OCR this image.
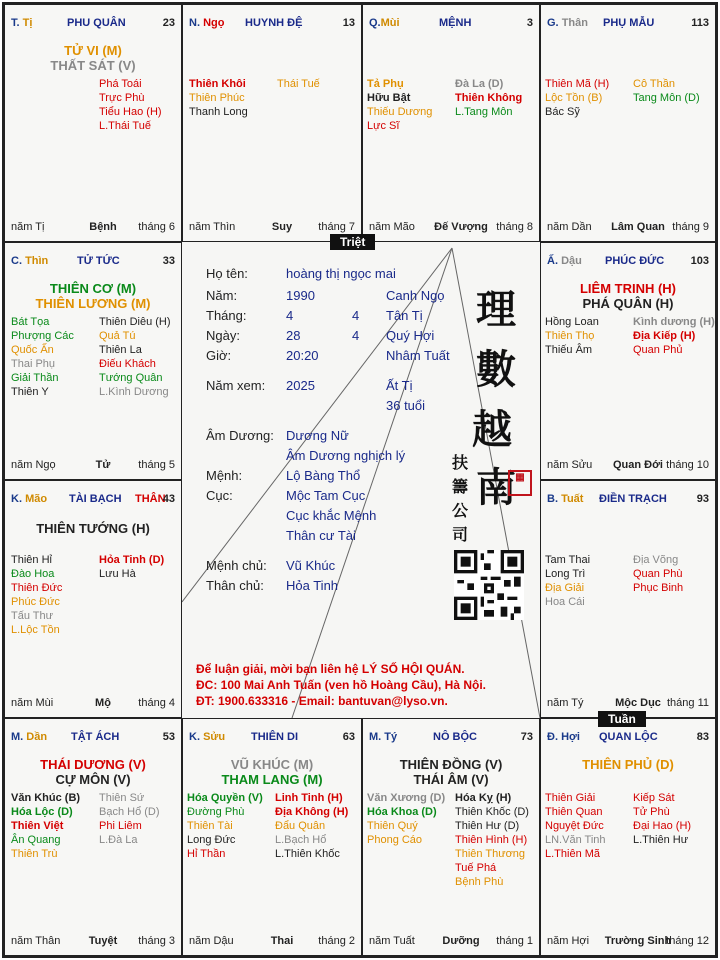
T. Tị	PHU QUÂN	23
TỬ VI (M)
THẤT SÁT (V)
Phá Toái
Trực Phù
Tiểu Hao (H)
L.Thái Tuế
năm Tị	Bệnh	tháng 6
N. Ngọ HUYNH ĐỆ	13
Thiên Khôi
Thiên Phúc
Thanh Long
Thái Tuế
năm Thìn	Suy	tháng 7
Q.Mùi	MỆNH	3
Tả Phụ
Hữu Bật
Thiếu Dương
Lực Sĩ
Đà La (D)
Thiên Không
L.Tang Môn
năm Mão	Đế Vượng tháng 8
G. Thân PHỤ MẪU	113
Thiên Mã (H)
Lộc Tồn (B)
Bác Sỹ
Cô Thần
Tang Môn (D)
năm Dần	Lâm Quan tháng 9
C. Thìn	TỬ TỨC	33
THIÊN CƠ (M)
THIÊN LƯƠNG (M)
Bát Tọa
Phượng Các
Quốc Ấn
Thai Phụ
Giải Thần
Thiên Y
Thiên Diêu (H)
Quả Tú
Thiên La
Điếu Khách
Tướng Quân
L.Kình Dương
năm Ngọ	Tử	tháng 5
Ấ. Dậu PHÚC ĐỨC 103
LIÊM TRINH (H)
PHÁ QUÂN (H)
Hồng Loan
Thiên Thọ
Thiếu Âm
Kình dương (H)
Địa Kiếp (H)
Quan Phủ
năm Sửu	Quan Đới tháng 10
K. Mão TÀI BẠCH THÂN
43
THIÊN TƯỚNG (H)
Thiên Hỉ
Đào Hoa
Thiên Đức
Phúc Đức
Tấu Thư
L.Lộc Tồn
Hỏa Tinh (D)
Lưu Hà
năm Mùi	Mộ	tháng 4
B. Tuất ĐIỀN TRẠCH	93
Tam Thai
Long Trì
Địa Giải
Hoa Cái
Địa Võng
Quan Phù
Phục Binh
năm Tý	Mộc Dục tháng 11
M. Dần TẬT ÁCH	53
THÁI DƯƠNG (V)
CỰ MÔN (V)
Văn Khúc (B)
Hóa Lộc (D)
Thiên Việt
Ân Quang
Thiên Trù
Thiên Sứ
Bạch Hổ (D)
Phi Liêm
L.Đà La
năm Thân	Tuyệt	tháng 3
K. Sửu THIÊN DI	63
VŨ KHÚC (M)
THAM LANG (M)
Hóa Quyền (V)
Đường Phù
Thiên Tài
Long Đức
Hỉ Thần
Linh Tinh (H)
Địa Không (H)
Đẩu Quân
L.Bạch Hổ
L.Thiên Khốc
năm Dậu	Thai	tháng 2
M. Tý	NÔ BỘC	73
THIÊN ĐỒNG (V)
THÁI ÂM (V)
Văn Xương (D)
Hóa Khoa (D)
Thiên Quý
Phong Cáo
Hóa Kỵ (H)
Thiên Khốc (D)
Thiên Hư (D)
Thiên Hình (H)
Thiên Thương
Tuế Phá
Bệnh Phù
năm Tuất	Dưỡng	tháng 1
Đ. Hợi QUAN LỘC	83
THIÊN PHỦ (D)
Thiên Giải
Thiên Quan
Nguyệt Đức
LN.Văn Tinh
L.Thiên Mã
Kiếp Sát
Tử Phù
Đại Hao (H)
L.Thiên Hư
năm Hợi	Trường Sinh
tháng 12
Họ tên:	hoàng thị ngọc mai
Năm:	1990	Canh Ngọ
Tháng:	4	4 Tân Tị
Ngày:	28	4 Quý Hợi
Giờ:	20:20	Nhâm Tuất
Năm xem: 2025	Ất Tị
36 tuổi
Âm Dương: Dương Nữ
Âm Dương nghịch lý
Mệnh:	Lộ Bàng Thổ
Cục:	Mộc Tam Cục
Cục khắc Mệnh
Thân cư Tài
Mệnh chủ: Vũ Khúc
Thân chủ: Hỏa Tinh
理
數
越
南
扶
籌
公
司
▦
Để luận giải, mời bạn liên hệ LÝ SỐ HỘI QUÁN.
ĐC: 100 Mai Anh Tuấn (ven hồ Hoàng Cầu), Hà Nội.
ĐT: 1900.633316 - Email: bantuvan@lyso.vn.
Triệt
Tuần
